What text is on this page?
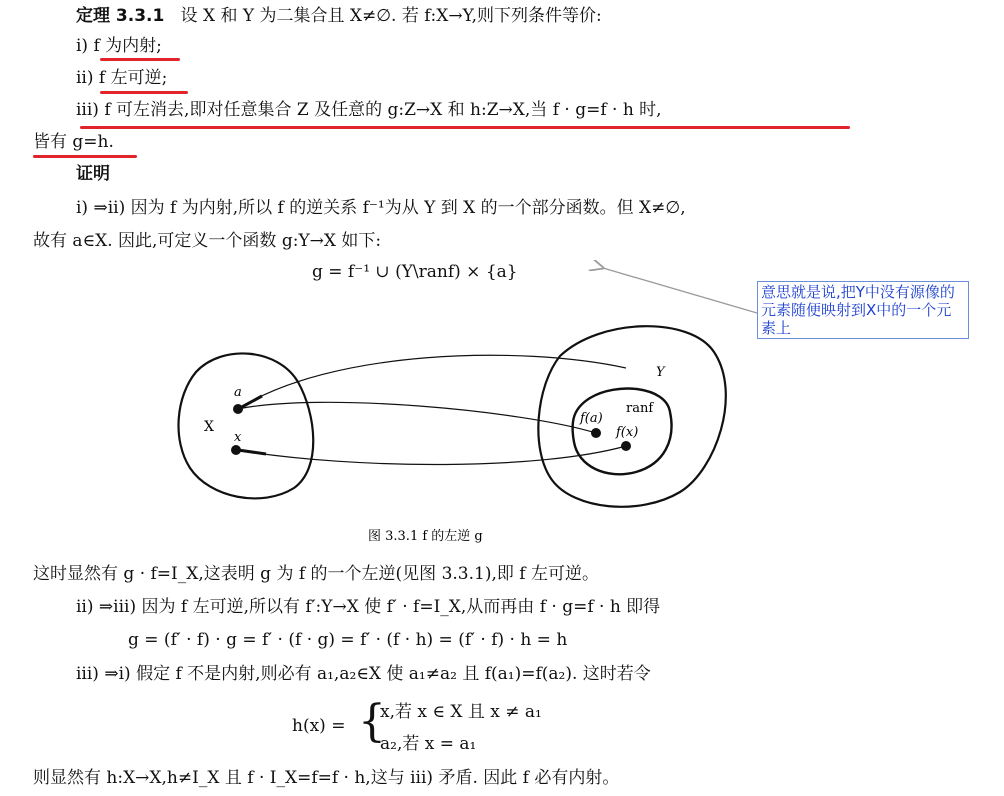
定理 3.3.1 设 X 和 Y 为二集合且 X≠∅. 若 f:X→Y,则下列条件等价:
i) f 为内射;
ii) f 左可逆;
iii) f 可左消去,即对任意集合 Z 及任意的 g:Z→X 和 h:Z→X,当 f · g=f · h 时,
皆有 g=h.
证明
i) ⇒ii) 因为 f 为内射,所以 f 的逆关系 f⁻¹为从 Y 到 X 的一个部分函数。但 X≠∅,
故有 a∈X. 因此,可定义一个函数 g:Y→X 如下:
g = f⁻¹ ∪ (Y\ranf) × {a}
意思就是说,把Y中没有源像的元素随便映射到X中的一个元素上
X
a
x
Y
f(a)
f(x)
ranf
图 3.3.1 f 的左逆 g
这时显然有 g · f=I_X,这表明 g 为 f 的一个左逆(见图 3.3.1),即 f 左可逆。
ii) ⇒iii) 因为 f 左可逆,所以有 f′:Y→X 使 f′ · f=I_X,从而再由 f · g=f · h 即得
g = (f′ · f) · g = f′ · (f · g) = f′ · (f · h) = (f′ · f) · h = h
iii) ⇒i) 假定 f 不是内射,则必有 a₁,a₂∈X 使 a₁≠a₂ 且 f(a₁)=f(a₂). 这时若令
h(x) = {
x,若 x ∈ X 且 x ≠ a₁
a₂,若 x = a₁
则显然有 h:X→X,h≠I_X 且 f · I_X=f=f · h,这与 iii) 矛盾. 因此 f 必有内射。
